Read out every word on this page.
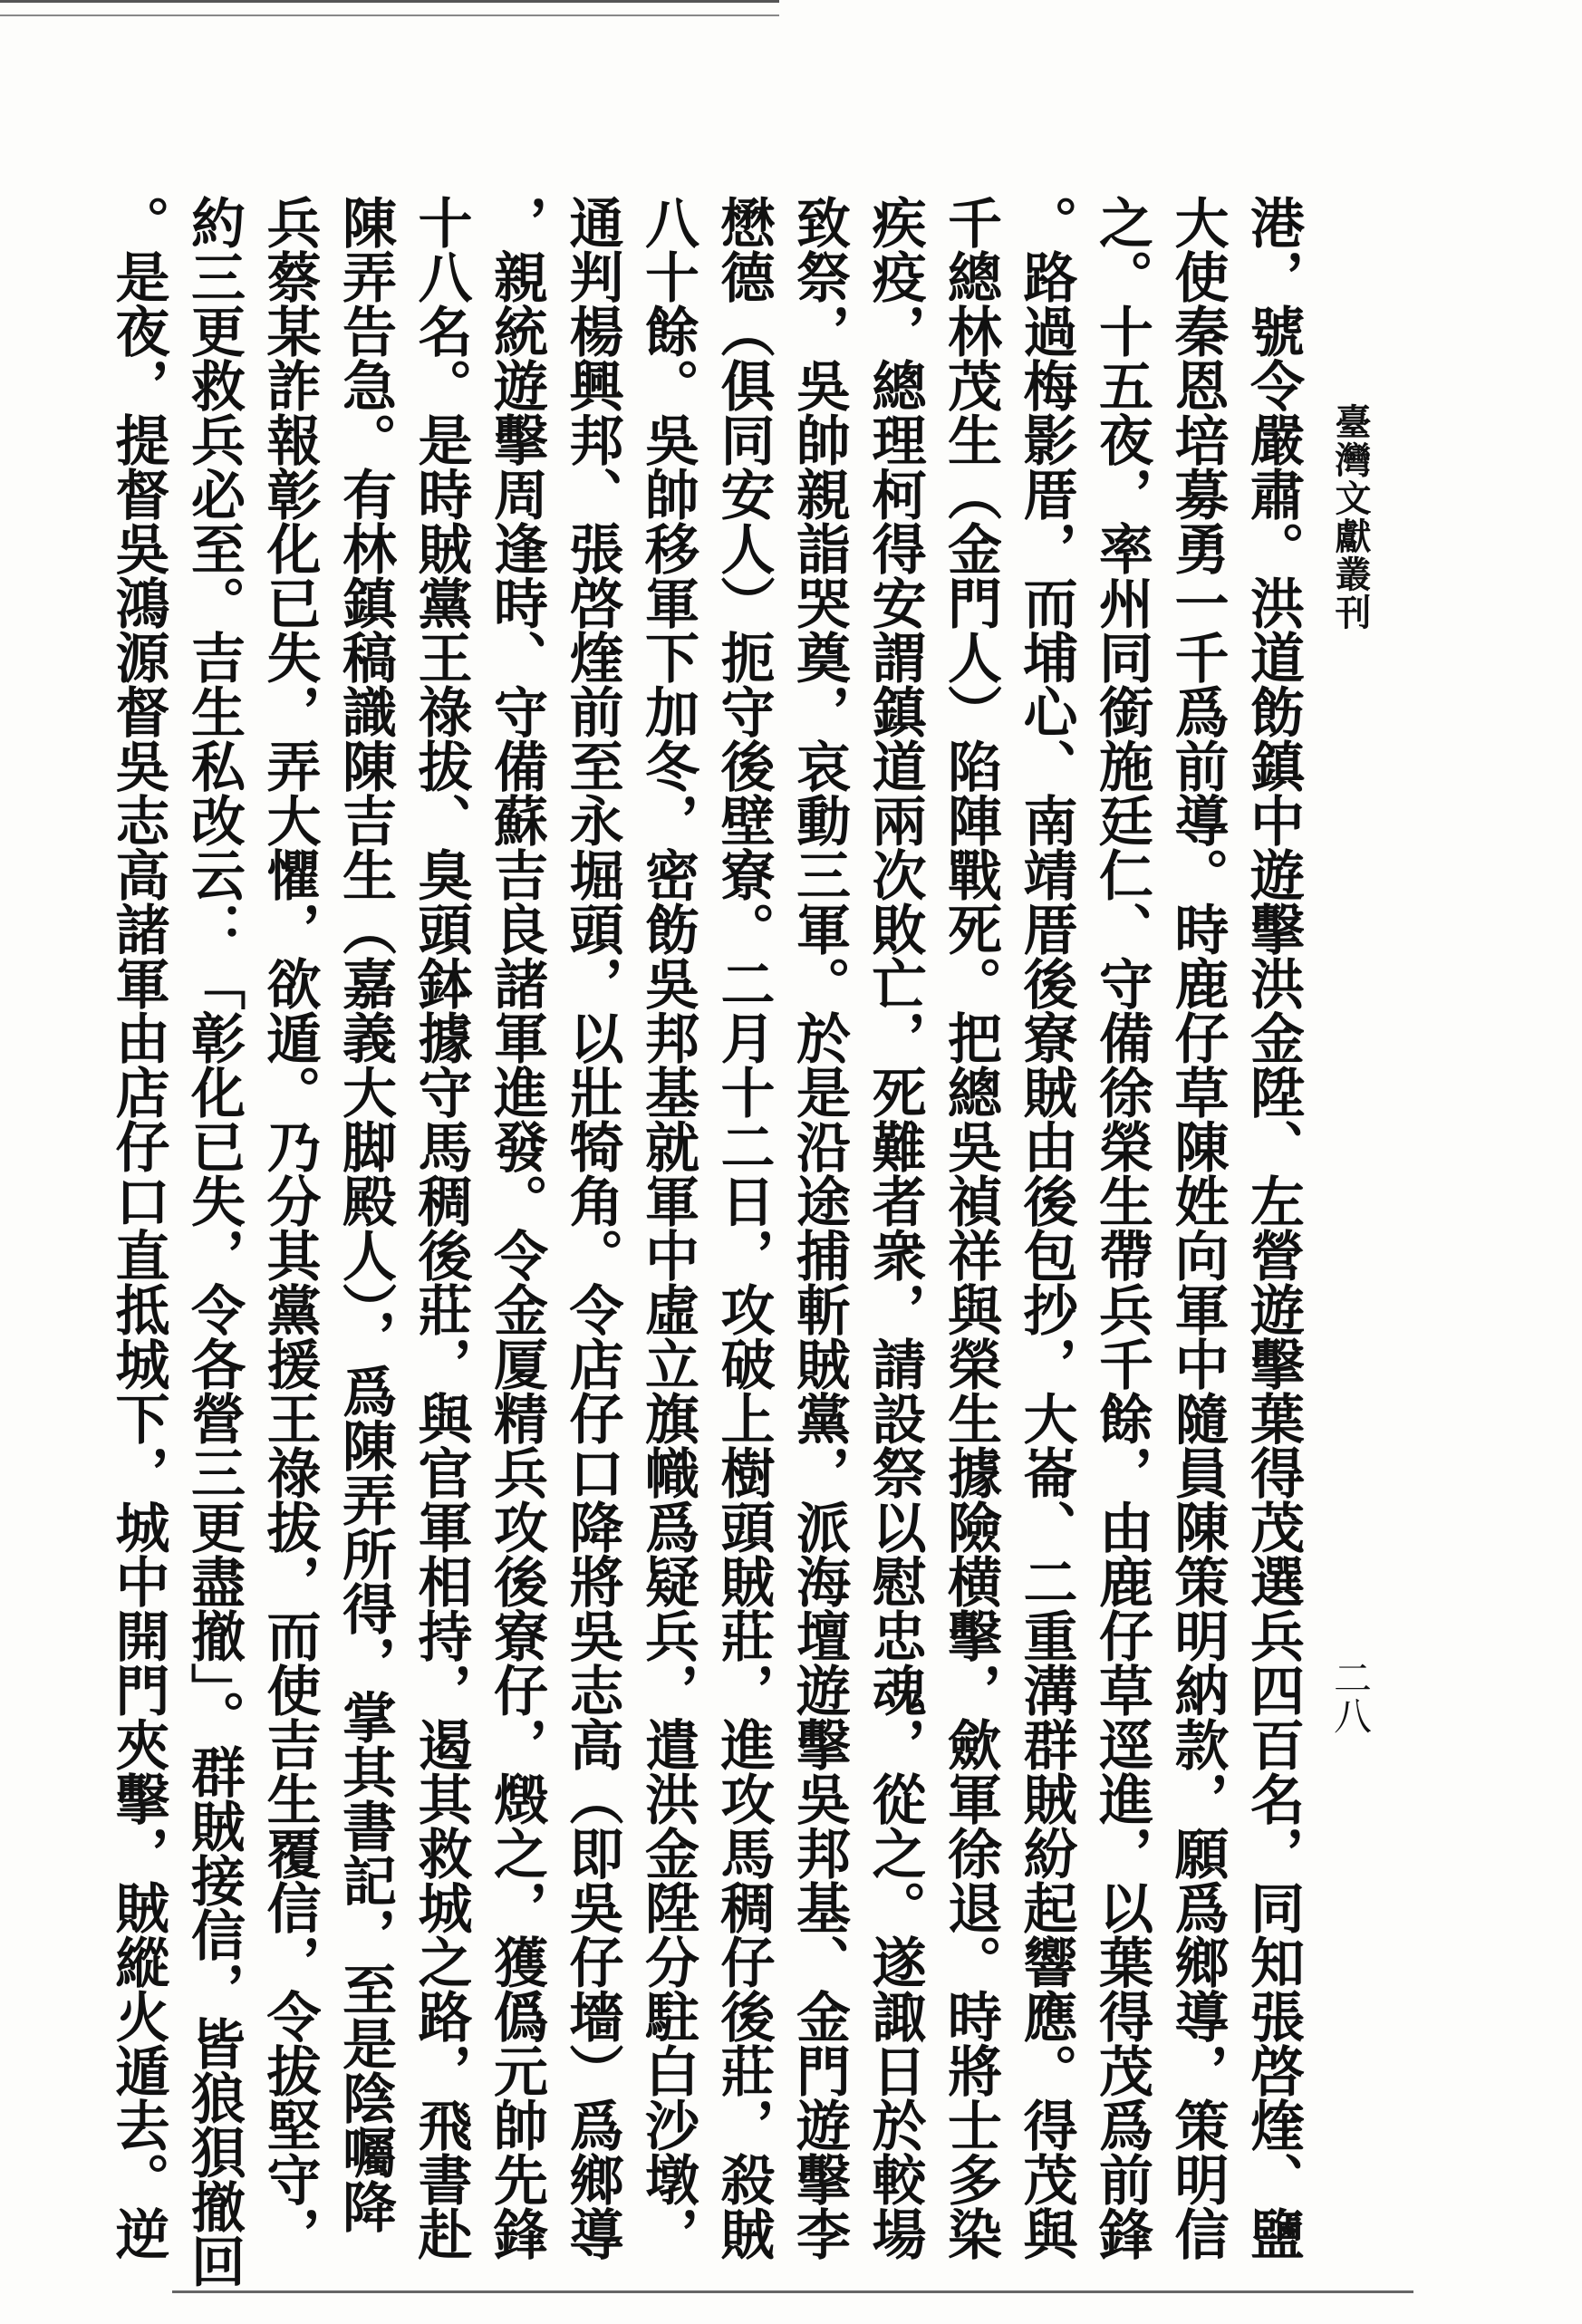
臺灣文獻叢刊
二八
港，號令嚴肅。洪道飭鎮中遊擊洪金陞、左營遊擊葉得茂選兵四百名，同知張啓煃、鹽
大使秦恩培募勇一千爲前導。時鹿仔草陳姓向軍中隨員陳策明納款，願爲鄉導，策明信
之。十五夜，率州同銜施廷仁、守備徐榮生帶兵千餘，由鹿仔草逕進，以葉得茂爲前鋒
。路過梅影厝，而埔心、南靖厝後寮賊由後包抄，大崙、二重溝群賊紛起響應。得茂與
千總林茂生（金門人）陷陣戰死。把總吳禎祥與榮生據險横擊，歛軍徐退。時將士多染
疾疫，總理柯得安謂鎮道兩次敗亡，死難者衆，請設祭以慰忠魂，從之。遂諏日於較場
致祭，吳帥親詣哭奠，哀動三軍。於是沿途捕斬賊黨，派海壇遊擊吳邦基、金門遊擊李
懋德（俱同安人）扼守後壁寮。二月十二日，攻破上樹頭賊莊，進攻馬稠仔後莊，殺賊
八十餘。吳帥移軍下加冬，密飭吳邦基就軍中虛立旗幟爲疑兵，遣洪金陞分駐白沙墩，
通判楊興邦、張啓煃前至永堀頭，以壯犄角。令店仔口降將吳志高（即吳仔墻）爲鄉導
，親統遊擊周逢時、守備蘇吉良諸軍進發。令金厦精兵攻後寮仔，燬之，獲僞元帥先鋒
十八名。是時賊黨王祿拔、臭頭鉢據守馬稠後莊，與官軍相持，遏其救城之路，飛書赴
陳弄告急。有林鎮稿識陳吉生（嘉義大脚殿人），爲陳弄所得，掌其書記，至是陰囑降
兵蔡某詐報彰化已失，弄大懼，欲遁。乃分其黨援王祿拔，而使吉生覆信，令拔堅守，
約三更救兵必至。吉生私改云：「彰化已失，令各營三更盡撤」。群賊接信，皆狼狽撤回
。是夜，提督吳鴻源督吳志高諸軍由店仔口直抵城下，城中開門夾擊，賊縱火遁去。逆
